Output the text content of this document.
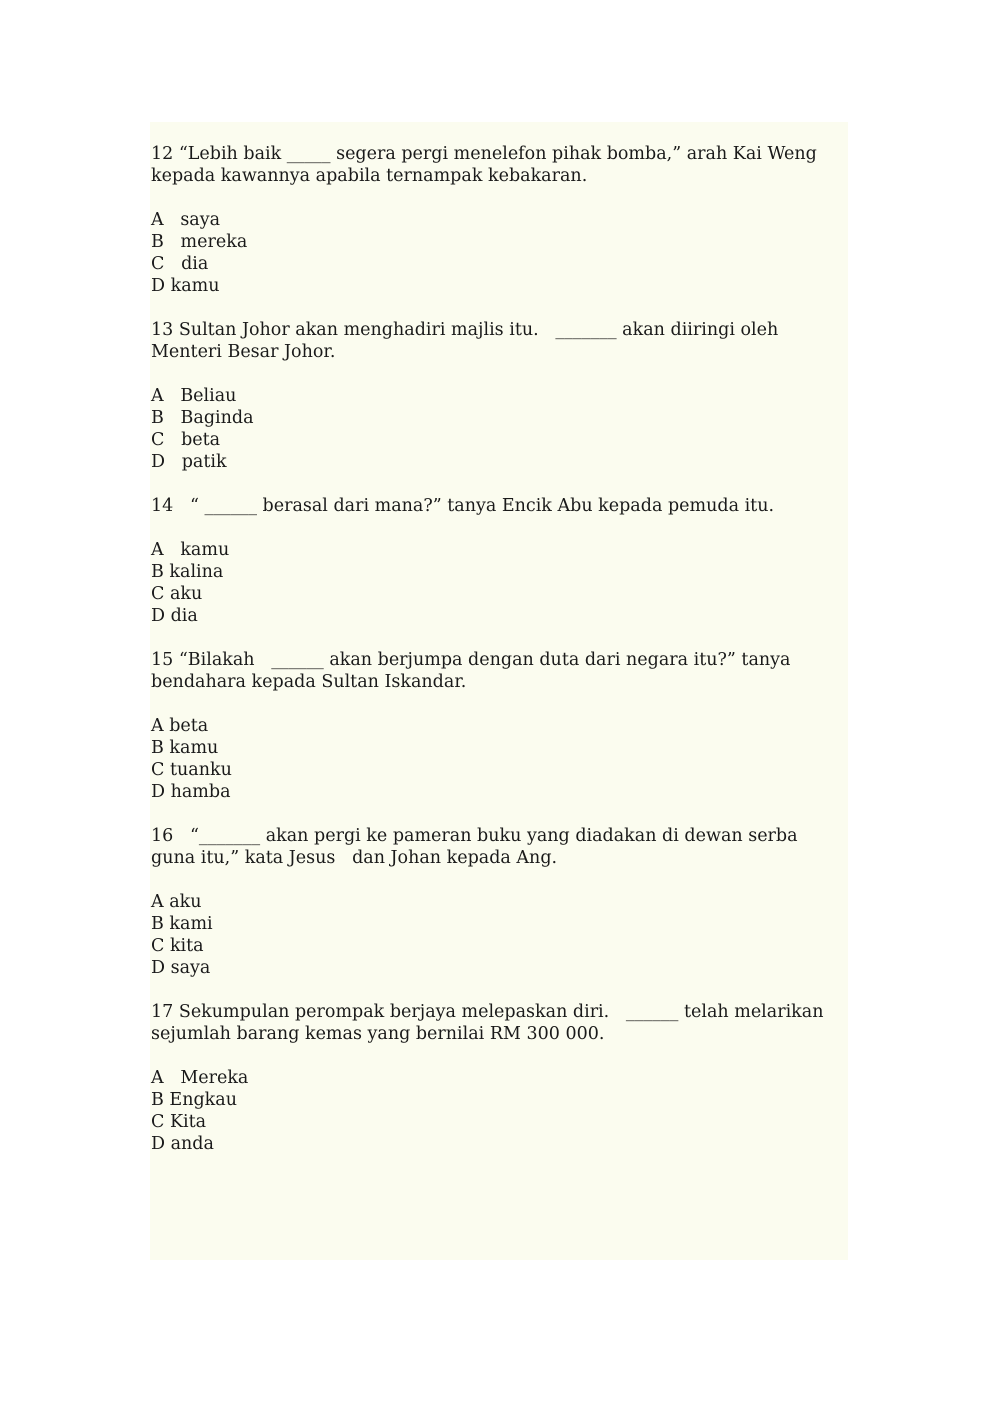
12 “Lebih baik _____ segera pergi menelefon pihak bomba,” arah Kai Weng kepada kawannya apabila ternampak kebakaran.
A   saya
B   mereka
C   dia
D kamu
13 Sultan Johor akan menghadiri majlis itu.   _______ akan diiringi oleh Menteri Besar Johor.
A   Beliau
B   Baginda
C   beta
D   patik
14   “ ______ berasal dari mana?” tanya Encik Abu kepada pemuda itu.
A   kamu
B kalina
C aku
D dia
15 “Bilakah   ______ akan berjumpa dengan duta dari negara itu?” tanya bendahara kepada Sultan Iskandar.
A beta
B kamu
C tuanku
D hamba
16   “_______ akan pergi ke pameran buku yang diadakan di dewan serba guna itu,” kata Jesus   dan Johan kepada Ang.
A aku
B kami
C kita
D saya
17 Sekumpulan perompak berjaya melepaskan diri.   ______ telah melarikan sejumlah barang kemas yang bernilai RM 300 000.
A   Mereka
B Engkau
C Kita
D anda
